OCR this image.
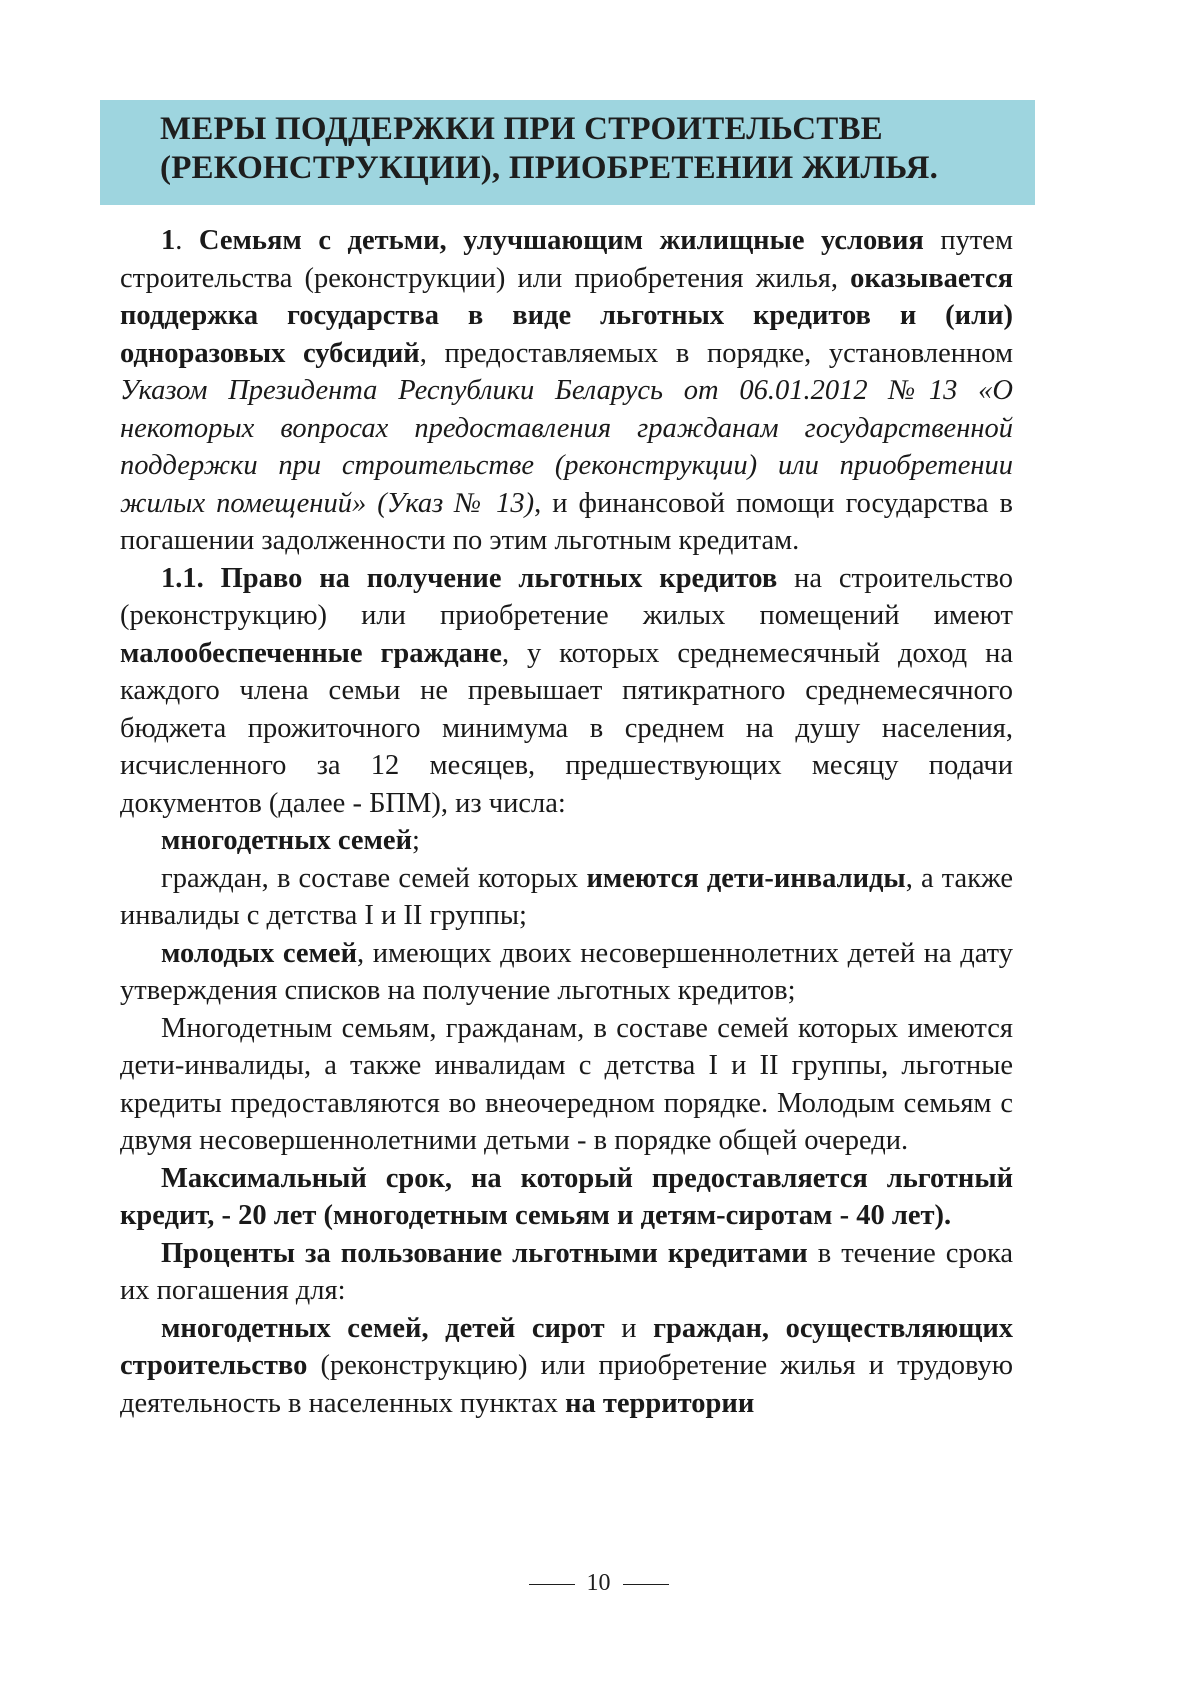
МЕРЫ ПОДДЕРЖКИ ПРИ СТРОИТЕЛЬСТВЕ
(РЕКОНСТРУКЦИИ), ПРИОБРЕТЕНИИ ЖИЛЬЯ.

1. Семьям с детьми, улучшающим жилищные условия путем строительства (реконструкции) или приобретения жилья, оказывается поддержка государства в виде льготных кредитов и (или) одноразовых субсидий, предоставляемых в порядке, установленном Указом Президента Республики Беларусь от 06.01.2012 №13 «О некоторых вопросах предоставления гражданам государственной поддержки при строительстве (реконструкции) или приобретении жилых помещений» (Указ № 13), и финансовой помощи государства в погашении задолженности по этим льготным кредитам.

1.1. Право на получение льготных кредитов на строительство (реконструкцию) или приобретение жилых помещений имеют малообеспеченные граждане, у которых среднемесячный доход на каждого члена семьи не превышает пятикратного среднемесячного бюджета прожиточного минимума в среднем на душу населения, исчисленного за 12 месяцев, предшествующих месяцу подачи документов (далее - БПМ), из числа:

многодетных семей;

граждан, в составе семей которых имеются дети-инвалиды, а также инвалиды с детства I и II группы;

молодых семей, имеющих двоих несовершеннолетних детей на дату утверждения списков на получение льготных кредитов;

Многодетным семьям, гражданам, в составе семей которых имеются дети-инвалиды, а также инвалидам с детства I и II группы, льготные кредиты предоставляются во внеочередном порядке. Молодым семьям с двумя несовершеннолетними детьми - в порядке общей очереди.

Максимальный срок, на который предоставляется льготный кредит, - 20 лет (многодетным семьям и детям-сиротам - 40 лет).

Проценты за пользование льготными кредитами в течение срока их погашения для:

многодетных семей, детей сирот и граждан, осуществляющих строительство (реконструкцию) или приобретение жилья и трудовую деятельность в населенных пунктах на территории

10
